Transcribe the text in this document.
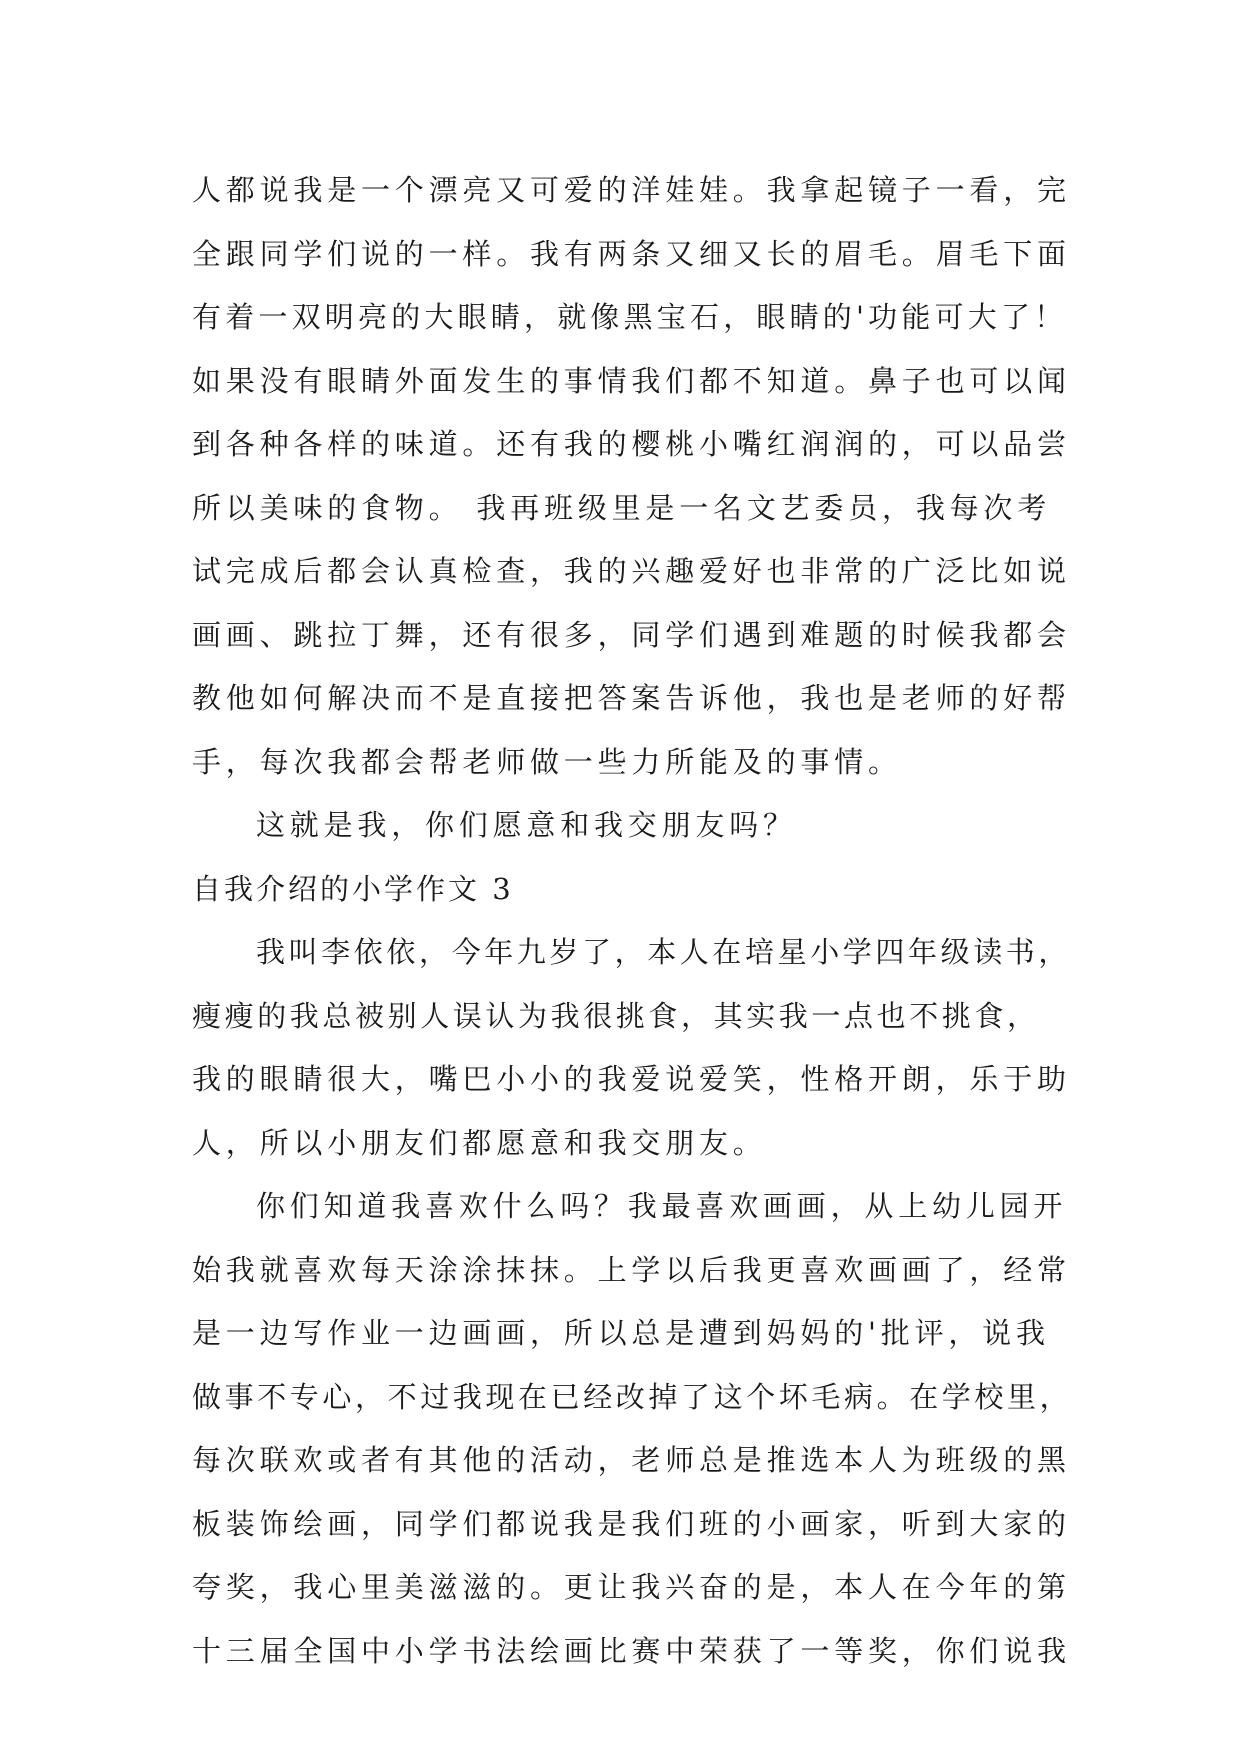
人都说我是一个漂亮又可爱的洋娃娃。我拿起镜子一看，完
全跟同学们说的一样。我有两条又细又长的眉毛。眉毛下面
有着一双明亮的大眼睛，就像黑宝石，眼睛的'功能可大了！
如果没有眼睛外面发生的事情我们都不知道。鼻子也可以闻
到各种各样的味道。还有我的樱桃小嘴红润润的，可以品尝
所以美味的食物。 我再班级里是一名文艺委员，我每次考
试完成后都会认真检查，我的兴趣爱好也非常的广泛比如说
画画、跳拉丁舞，还有很多，同学们遇到难题的时候我都会
教他如何解决而不是直接把答案告诉他，我也是老师的好帮
手，每次我都会帮老师做一些力所能及的事情。
这就是我，你们愿意和我交朋友吗？
自我介绍的小学作文 3
我叫李依依，今年九岁了，本人在培星小学四年级读书，
瘦瘦的我总被别人误认为我很挑食，其实我一点也不挑食，
我的眼睛很大，嘴巴小小的我爱说爱笑，性格开朗，乐于助
人，所以小朋友们都愿意和我交朋友。
你们知道我喜欢什么吗？我最喜欢画画，从上幼儿园开
始我就喜欢每天涂涂抹抹。上学以后我更喜欢画画了，经常
是一边写作业一边画画，所以总是遭到妈妈的'批评，说我
做事不专心，不过我现在已经改掉了这个坏毛病。在学校里，
每次联欢或者有其他的活动，老师总是推选本人为班级的黑
板装饰绘画，同学们都说我是我们班的小画家，听到大家的
夸奖，我心里美滋滋的。更让我兴奋的是，本人在今年的第
十三届全国中小学书法绘画比赛中荣获了一等奖，你们说我
